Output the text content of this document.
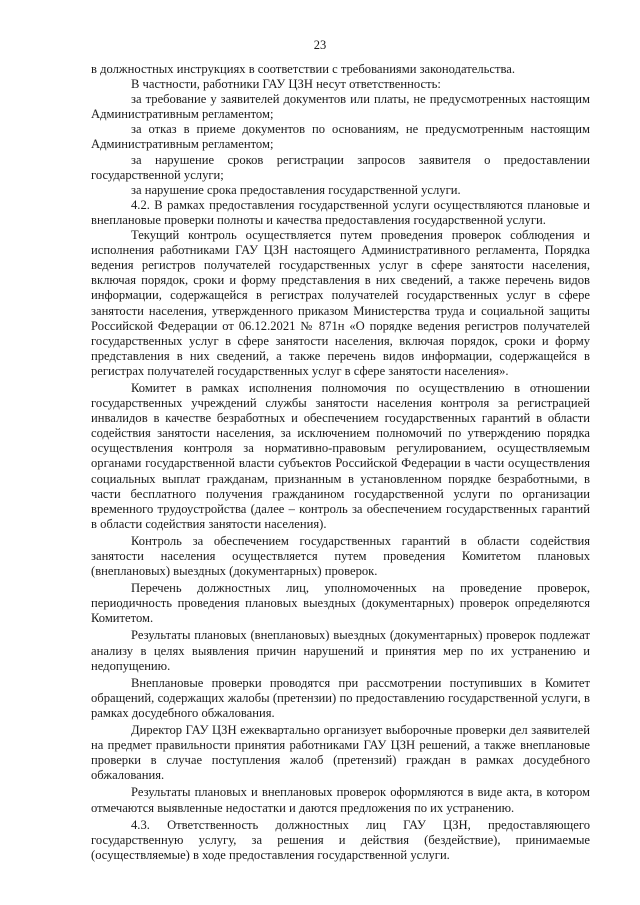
23

в должностных инструкциях в соответствии с требованиями законодательства.

В частности, работники ГАУ ЦЗН несут ответственность:

за требование у заявителей документов или платы, не предусмотренных настоящим Административным регламентом;

за отказ в приеме документов по основаниям, не предусмотренным настоящим Административным регламентом;

за нарушение сроков регистрации запросов заявителя о предоставлении государственной услуги;

за нарушение срока предоставления государственной услуги.

4.2. В рамках предоставления государственной услуги осуществляются плановые и внеплановые проверки полноты и качества предоставления государственной услуги.

Текущий контроль осуществляется путем проведения проверок соблюдения и исполнения работниками ГАУ ЦЗН настоящего Административного регламента, Порядка ведения регистров получателей государственных услуг в сфере занятости населения, включая порядок, сроки и форму представления в них сведений, а также перечень видов информации, содержащейся в регистрах получателей государственных услуг в сфере занятости населения, утвержденного приказом Министерства труда и социальной защиты Российской Федерации от 06.12.2021 № 871н «О порядке ведения регистров получателей государственных услуг в сфере занятости населения, включая порядок, сроки и форму представления в них сведений, а также перечень видов информации, содержащейся в регистрах получателей государственных услуг в сфере занятости населения».

Комитет в рамках исполнения полномочия по осуществлению в отношении государственных учреждений службы занятости населения контроля за регистрацией инвалидов в качестве безработных и обеспечением государственных гарантий в области содействия занятости населения, за исключением полномочий по утверждению порядка осуществления контроля за нормативно-правовым регулированием, осуществляемым органами государственной власти субъектов Российской Федерации в части осуществления социальных выплат гражданам, признанным в установленном порядке безработными, в части бесплатного получения гражданином государственной услуги по организации временного трудоустройства (далее – контроль за обеспечением государственных гарантий в области содействия занятости населения).

Контроль за обеспечением государственных гарантий в области содействия занятости населения осуществляется путем проведения Комитетом плановых (внеплановых) выездных (документарных) проверок.

Перечень должностных лиц, уполномоченных на проведение проверок, периодичность проведения плановых выездных (документарных) проверок определяются Комитетом.

Результаты плановых (внеплановых) выездных (документарных) проверок подлежат анализу в целях выявления причин нарушений и принятия мер по их устранению и недопущению.

Внеплановые проверки проводятся при рассмотрении поступивших в Комитет обращений, содержащих жалобы (претензии) по предоставлению государственной услуги, в рамках досудебного обжалования.

Директор ГАУ ЦЗН ежеквартально организует выборочные проверки дел заявителей на предмет правильности принятия работниками ГАУ ЦЗН решений, а также внеплановые проверки в случае поступления жалоб (претензий) граждан в рамках досудебного обжалования.

Результаты плановых и внеплановых проверок оформляются в виде акта, в котором отмечаются выявленные недостатки и даются предложения по их устранению.

4.3. Ответственность должностных лиц ГАУ ЦЗН, предоставляющего государственную услугу, за решения и действия (бездействие), принимаемые (осуществляемые) в ходе предоставления государственной услуги.
